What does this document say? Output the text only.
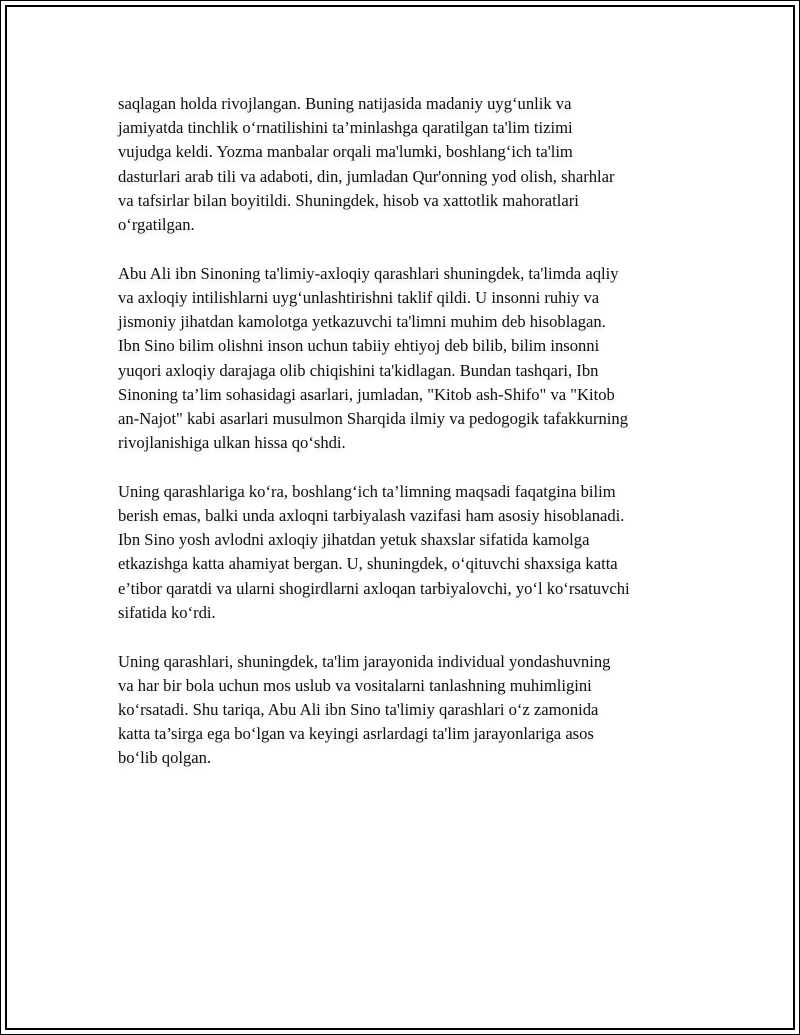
saqlagan holda rivojlangan. Buning natijasida madaniy uyg‘unlik va
jamiyatda tinchlik o‘rnatilishini ta’minlashga qaratilgan ta'lim tizimi
vujudga keldi. Yozma manbalar orqali ma'lumki, boshlang‘ich ta'lim
dasturlari arab tili va adaboti, din, jumladan Qur'onning yod olish, sharhlar
va tafsirlar bilan boyitildi. Shuningdek, hisob va xattotlik mahoratlari
o‘rgatilgan.

Abu Ali ibn Sinoning ta'limiy-axloqiy qarashlari shuningdek, ta'limda aqliy
va axloqiy intilishlarni uyg‘unlashtirishni taklif qildi. U insonni ruhiy va
jismoniy jihatdan kamolotga yetkazuvchi ta'limni muhim deb hisoblagan.
Ibn Sino bilim olishni inson uchun tabiiy ehtiyoj deb bilib, bilim insonni
yuqori axloqiy darajaga olib chiqishini ta'kidlagan. Bundan tashqari, Ibn
Sinoning ta’lim sohasidagi asarlari, jumladan, "Kitob ash-Shifo" va "Kitob
an-Najot" kabi asarlari musulmon Sharqida ilmiy va pedogogik tafakkurning
rivojlanishiga ulkan hissa qo‘shdi.

Uning qarashlariga ko‘ra, boshlang‘ich ta’limning maqsadi faqatgina bilim
berish emas, balki unda axloqni tarbiyalash vazifasi ham asosiy hisoblanadi.
Ibn Sino yosh avlodni axloqiy jihatdan yetuk shaxslar sifatida kamolga
etkazishga katta ahamiyat bergan. U, shuningdek, o‘qituvchi shaxsiga katta
e’tibor qaratdi va ularni shogirdlarni axloqan tarbiyalovchi, yo‘l ko‘rsatuvchi
sifatida ko‘rdi.

Uning qarashlari, shuningdek, ta'lim jarayonida individual yondashuvning
va har bir bola uchun mos uslub va vositalarni tanlashning muhimligini
ko‘rsatadi. Shu tariqa, Abu Ali ibn Sino ta'limiy qarashlari o‘z zamonida
katta ta’sirga ega bo‘lgan va keyingi asrlardagi ta'lim jarayonlariga asos
bo‘lib qolgan.
